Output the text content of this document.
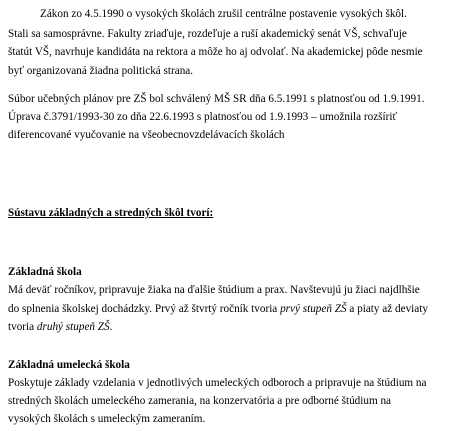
Zákon zo 4.5.1990 o vysokých školách zrušil centrálne postavenie vysokých škôl.
Stali sa samosprávne. Fakulty zriaďuje, rozdeľuje a ruší akademický senát VŠ, schvaľuje
štatút VŠ, navrhuje kandidáta na rektora a môže ho aj odvolať. Na akademickej pôde nesmie
byť organizovaná žiadna politická strana.
Súbor učebných plánov pre ZŠ bol schválený MŠ SR dňa 6.5.1991 s platnosťou od 1.9.1991.
Úprava č.3791/1993-30 zo dňa 22.6.1993 s platnosťou od 1.9.1993 – umožnila rozšíriť
diferencované vyučovanie na všeobecnovzdelávacích školách
Sústavu základných a stredných škôl tvorí:
Základná škola
Má deväť ročníkov, pripravuje žiaka na ďalšie štúdium a prax. Navštevujú ju žiaci najdlhšie
do splnenia školskej dochádzky. Prvý až štvrtý ročník tvoria prvý stupeň ZŠ a piaty až deviaty
tvoria druhý stupeň ZŠ.
Základná umelecká škola
Poskytuje základy vzdelania v jednotlivých umeleckých odboroch a pripravuje na štúdium na
stredných školách umeleckého zamerania, na konzervatória a pre odborné štúdium na
vysokých školách s umeleckým zameraním.
